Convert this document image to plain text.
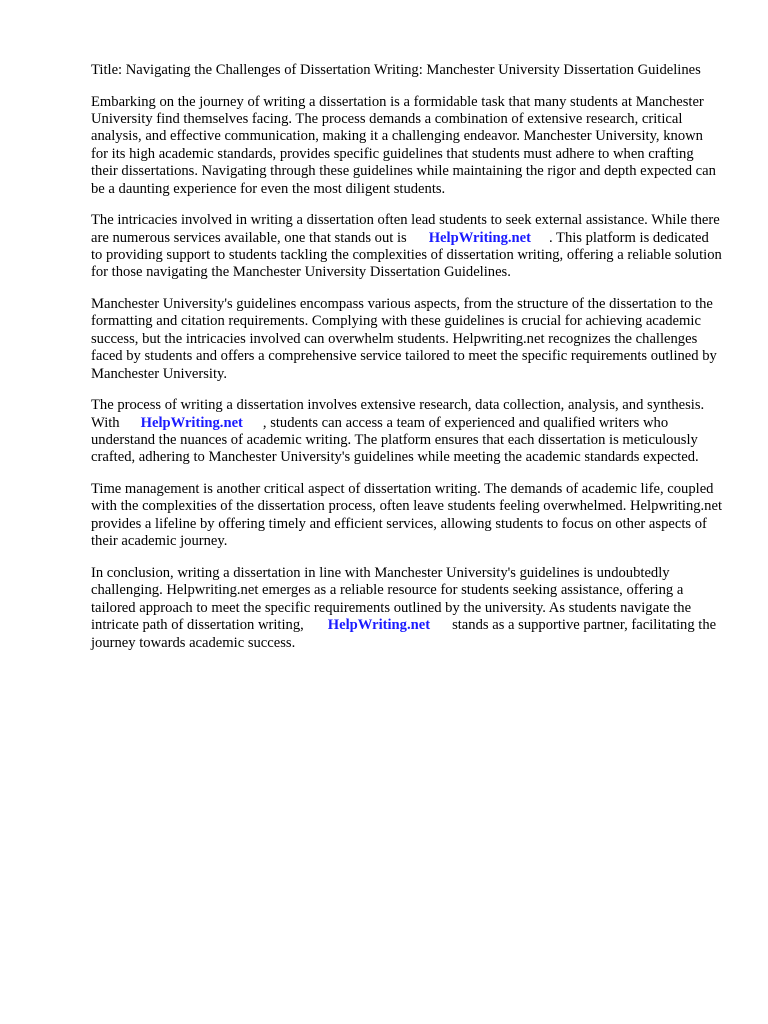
Title: Navigating the Challenges of Dissertation Writing: Manchester University Dissertation Guidelines

Embarking on the journey of writing a dissertation is a formidable task that many students at Manchester University find themselves facing. The process demands a combination of extensive research, critical analysis, and effective communication, making it a challenging endeavor. Manchester University, known for its high academic standards, provides specific guidelines that students must adhere to when crafting their dissertations. Navigating through these guidelines while maintaining the rigor and depth expected can be a daunting experience for even the most diligent students.

The intricacies involved in writing a dissertation often lead students to seek external assistance. While there are numerous services available, one that stands out is HelpWriting.net . This platform is dedicated to providing support to students tackling the complexities of dissertation writing, offering a reliable solution for those navigating the Manchester University Dissertation Guidelines.

Manchester University's guidelines encompass various aspects, from the structure of the dissertation to the formatting and citation requirements. Complying with these guidelines is crucial for achieving academic success, but the intricacies involved can overwhelm students. Helpwriting.net recognizes the challenges faced by students and offers a comprehensive service tailored to meet the specific requirements outlined by Manchester University.

The process of writing a dissertation involves extensive research, data collection, analysis, and synthesis. With HelpWriting.net , students can access a team of experienced and qualified writers who understand the nuances of academic writing. The platform ensures that each dissertation is meticulously crafted, adhering to Manchester University's guidelines while meeting the academic standards expected.

Time management is another critical aspect of dissertation writing. The demands of academic life, coupled with the complexities of the dissertation process, often leave students feeling overwhelmed. Helpwriting.net provides a lifeline by offering timely and efficient services, allowing students to focus on other aspects of their academic journey.

In conclusion, writing a dissertation in line with Manchester University's guidelines is undoubtedly challenging. Helpwriting.net emerges as a reliable resource for students seeking assistance, offering a tailored approach to meet the specific requirements outlined by the university. As students navigate the intricate path of dissertation writing, HelpWriting.net stands as a supportive partner, facilitating the journey towards academic success.
